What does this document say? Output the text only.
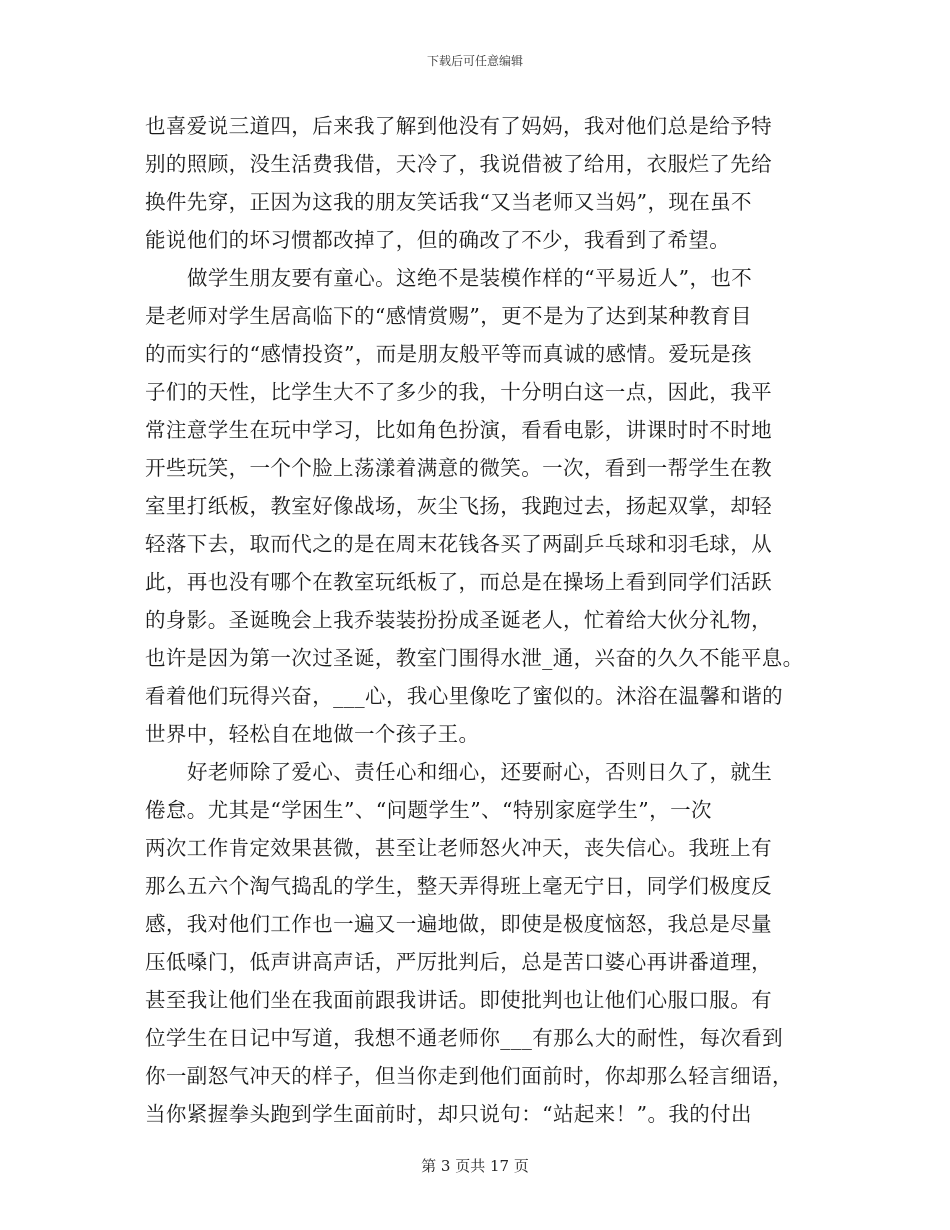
下载后可任意编辑
也喜爱说三道四，后来我了解到他没有了妈妈，我对他们总是给予特
别的照顾，没生活费我借，天冷了，我说借被了给用，衣服烂了先给
换件先穿，正因为这我的朋友笑话我“又当老师又当妈”，现在虽不
能说他们的坏习惯都改掉了，但的确改了不少，我看到了希望。
做学生朋友要有童心。这绝不是装模作样的“平易近人”，也不
是老师对学生居高临下的“感情赏赐”，更不是为了达到某种教育目
的而实行的“感情投资”，而是朋友般平等而真诚的感情。爱玩是孩
子们的天性，比学生大不了多少的我，十分明白这一点，因此，我平
常注意学生在玩中学习，比如角色扮演，看看电影，讲课时时不时地
开些玩笑，一个个脸上荡漾着满意的微笑。一次，看到一帮学生在教
室里打纸板，教室好像战场，灰尘飞扬，我跑过去，扬起双掌，却轻
轻落下去，取而代之的是在周末花钱各买了两副乒乓球和羽毛球，从
此，再也没有哪个在教室玩纸板了，而总是在操场上看到同学们活跃
的身影。圣诞晚会上我乔装装扮扮成圣诞老人，忙着给大伙分礼物，
也许是因为第一次过圣诞，教室门围得水泄_通，兴奋的久久不能平息。
看着他们玩得兴奋，___心，我心里像吃了蜜似的。沐浴在温馨和谐的
世界中，轻松自在地做一个孩子王。
好老师除了爱心、责任心和细心，还要耐心，否则日久了，就生
倦怠。尤其是“学困生”、“问题学生”、“特别家庭学生”，一次
两次工作肯定效果甚微，甚至让老师怒火冲天，丧失信心。我班上有
那么五六个淘气捣乱的学生，整天弄得班上毫无宁日，同学们极度反
感，我对他们工作也一遍又一遍地做，即使是极度恼怒，我总是尽量
压低嗓门，低声讲高声话，严厉批判后，总是苦口婆心再讲番道理，
甚至我让他们坐在我面前跟我讲话。即使批判也让他们心服口服。有
位学生在日记中写道，我想不通老师你___有那么大的耐性，每次看到
你一副怒气冲天的样子，但当你走到他们面前时，你却那么轻言细语，
当你紧握拳头跑到学生面前时，却只说句：“站起来！”。我的付出
第 3 页共 17 页
